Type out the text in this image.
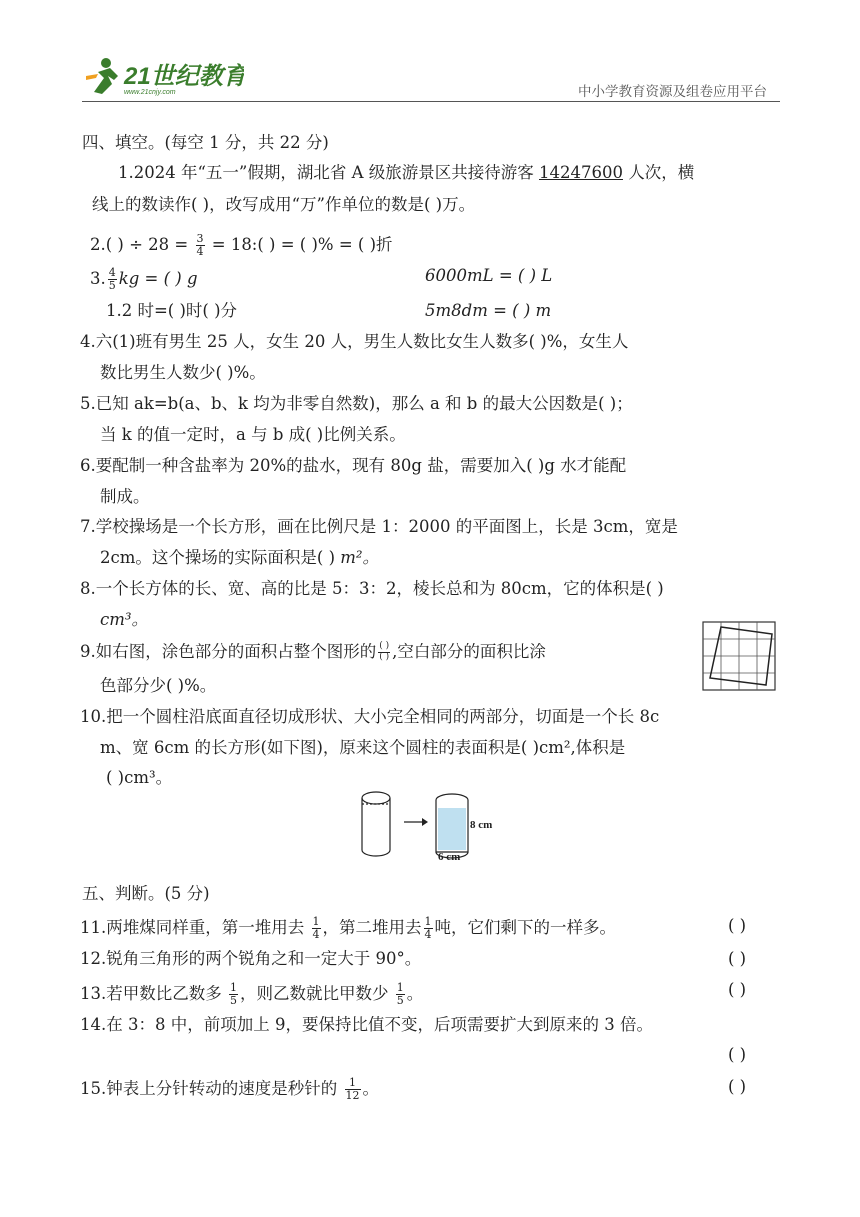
21世纪教育
www.21cnjy.com	中小学教育资源及组卷应用平台
四、填空。(每空 1 分，共 22 分)
1.2024 年“五一”假期，湖北省 A 级旅游景区共接待游客 14247600 人次，横
线上的数读作( )，改写成用“万”作单位的数是( )万。
2.( ) ÷ $28 = \frac{3}{4}$ = 18:( ) = ( )% = ( )折
3. $\frac{4}{5}$ kg = ( ) g	6000mL = ( ) L
1.2 时=( )时( )分	5m8dm = ( ) m
4.六(1)班有男生 25 人，女生 20 人，男生人数比女生人数多( )%，女生人
数比男生人数少( )%。
5.已知 ak=b(a、b、k 均为非零自然数)，那么 a 和 b 的最大公因数是( )；
当 k 的值一定时，a 与 b 成( )比例关系。
6.要配制一种含盐率为 20%的盐水，现有 80g 盐，需要加入( )g 水才能配
制成。
7.学校操场是一个长方形，画在比例尺是 1：2000 的平面图上，长是 3cm，宽是
2cm。这个操场的实际面积是( ) m²。
8.一个长方体的长、宽、高的比是 5：3：2，棱长总和为 80cm，它的体积是( )
cm³。
9.如右图，涂色部分的面积占整个图形的 $\frac{( )}{( )}$ ,空白部分的面积比涂
色部分少( )%。
10.把一个圆柱沿底面直径切成形状、大小完全相同的两部分，切面是一个长 8c
m、宽 6cm 的长方形(如下图)，原来这个圆柱的表面积是( )cm²,体积是
( )cm³。
8 cm
6 cm
五、判断。(5 分)
11.两堆煤同样重，第一堆用去 $\frac{1}{4}$ ，第二堆用去 $\frac{1}{4}$ 吨，它们剩下的一样多。	( )
12.锐角三角形的两个锐角之和一定大于 90°。	( )
13.若甲数比乙数多 $\frac{1}{5}$ ，则乙数就比甲数少 $\frac{1}{5}$ 。	( )
14.在 3：8 中，前项加上 9，要保持比值不变，后项需要扩大到原来的 3 倍。
( )
15.钟表上分针转动的速度是秒针的 $\frac{1}{12}$ 。	( )
